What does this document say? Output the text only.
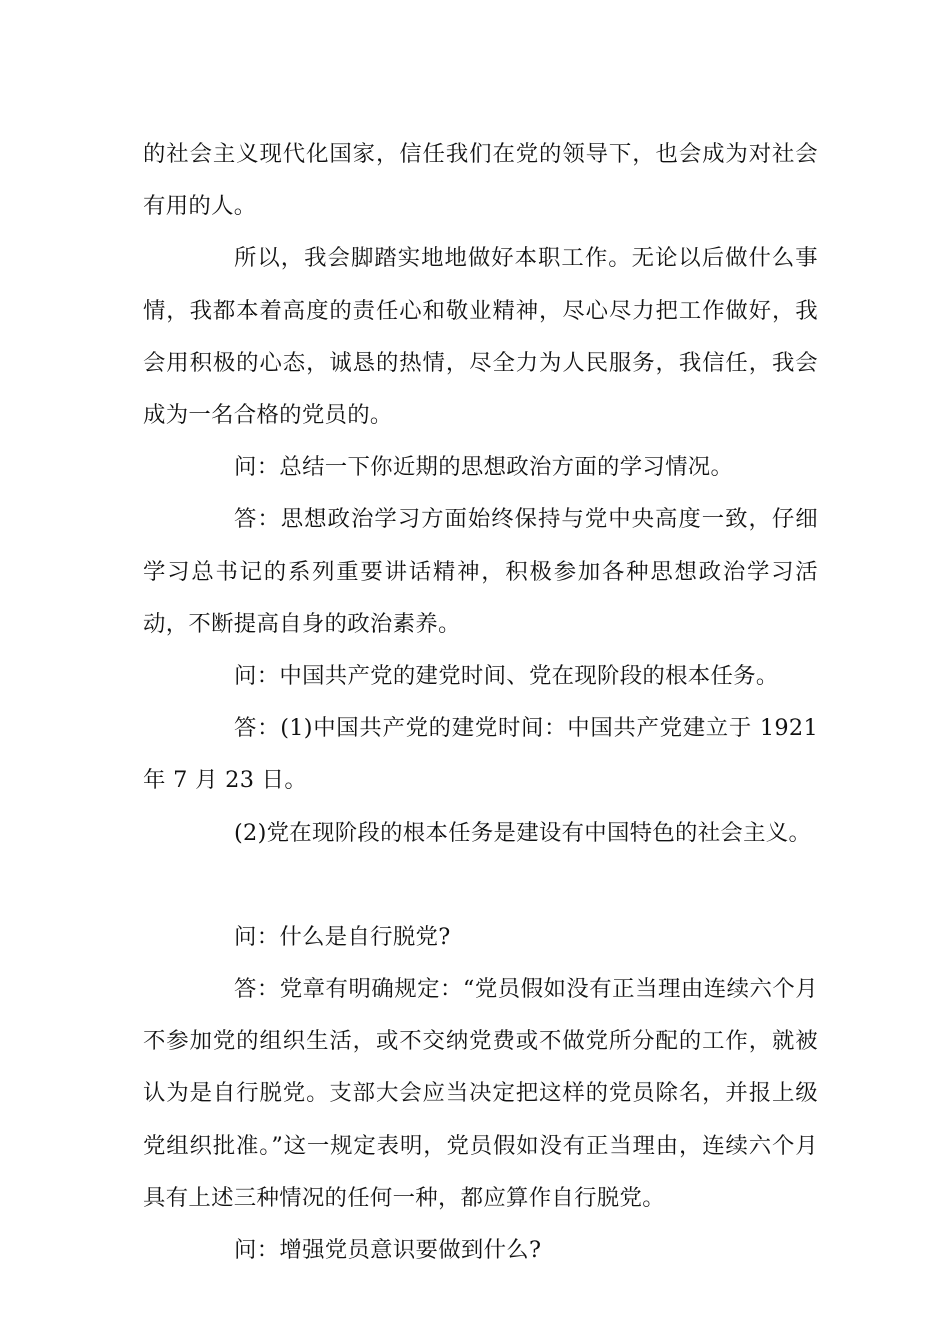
的社会主义现代化国家，信任我们在党的领导下，也会成为对社会有用的人。

所以，我会脚踏实地地做好本职工作。无论以后做什么事情，我都本着高度的责任心和敬业精神，尽心尽力把工作做好，我会用积极的心态，诚恳的热情，尽全力为人民服务，我信任，我会成为一名合格的党员的。

问：总结一下你近期的思想政治方面的学习情况。

答：思想政治学习方面始终保持与党中央高度一致，仔细学习总书记的系列重要讲话精神，积极参加各种思想政治学习活动，不断提高自身的政治素养。

问：中国共产党的建党时间、党在现阶段的根本任务。

答：(1)中国共产党的建党时间：中国共产党建立于 1921 年 7 月 23 日。

(2)党在现阶段的根本任务是建设有中国特色的社会主义。

问：什么是自行脱党?

答：党章有明确规定：“党员假如没有正当理由连续六个月不参加党的组织生活，或不交纳党费或不做党所分配的工作，就被认为是自行脱党。支部大会应当决定把这样的党员除名，并报上级党组织批准。”这一规定表明，党员假如没有正当理由，连续六个月具有上述三种情况的任何一种，都应算作自行脱党。

问：增强党员意识要做到什么?
